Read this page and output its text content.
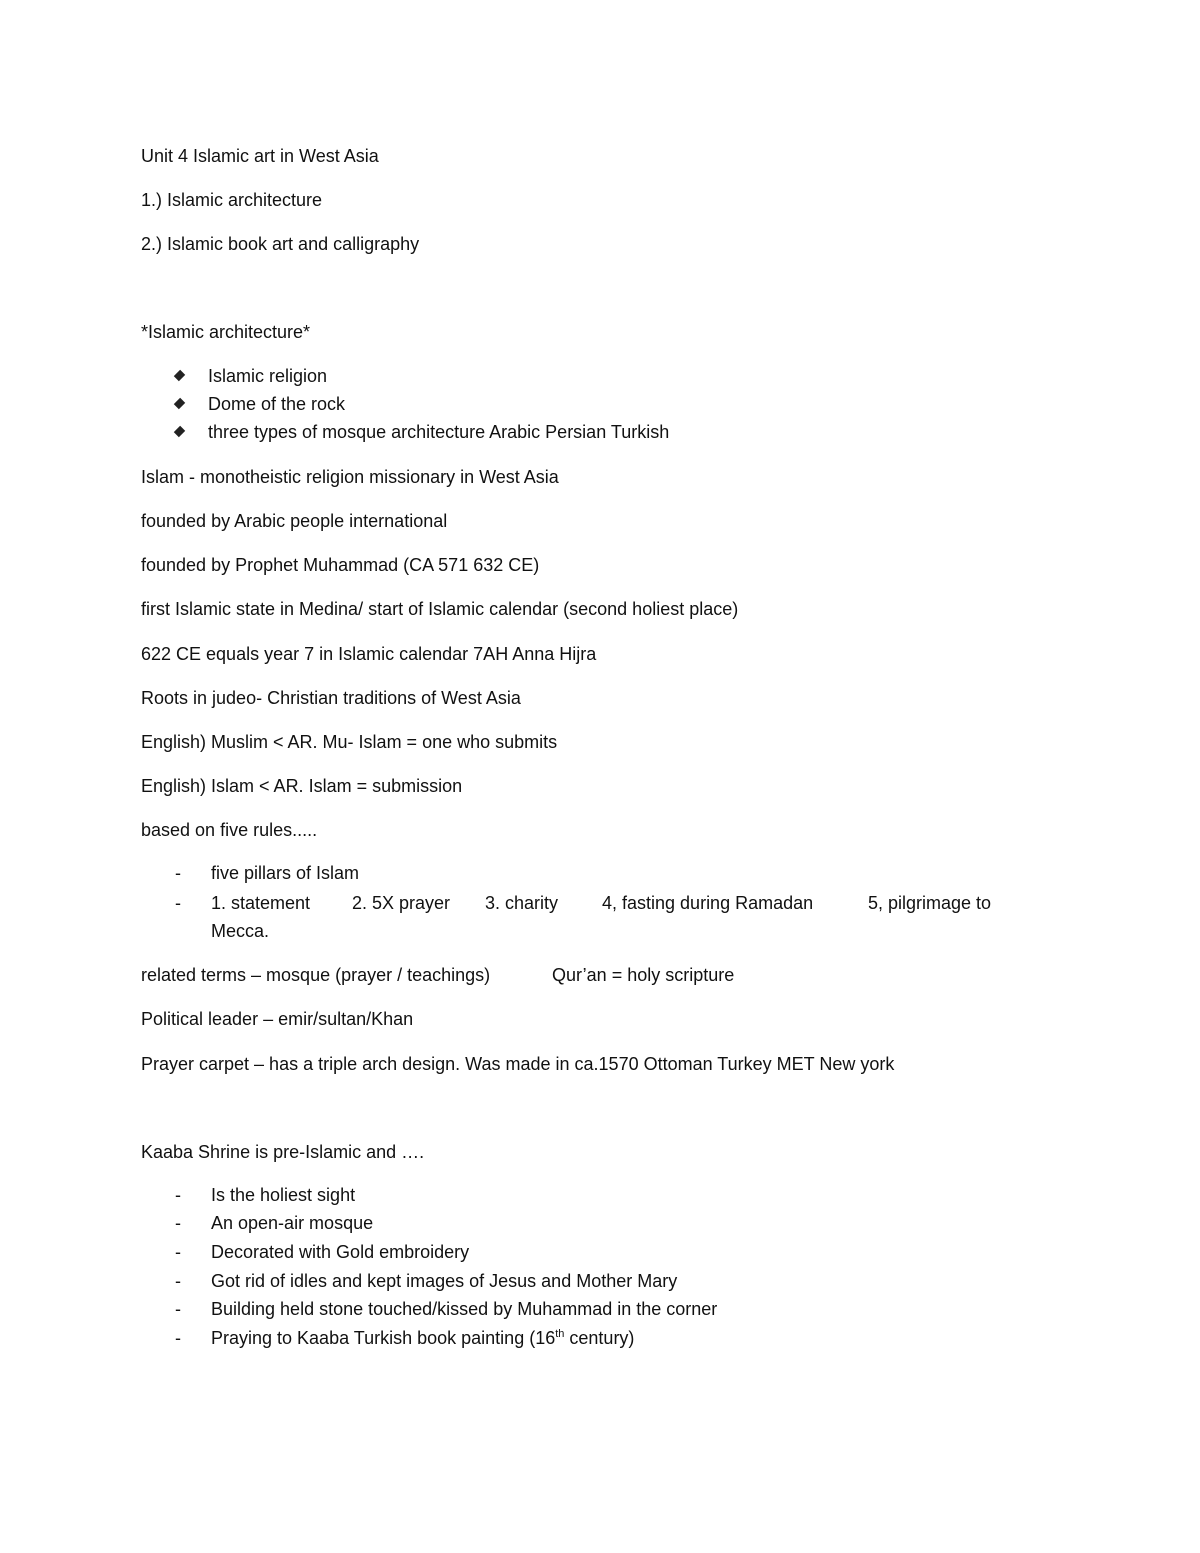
Unit 4 Islamic art in West Asia
1.) Islamic architecture
2.) Islamic book art and calligraphy
*Islamic architecture*
Islamic religion
Dome of the rock
three types of mosque architecture Arabic Persian Turkish
Islam - monotheistic religion missionary in West Asia
founded by Arabic people international
founded by Prophet Muhammad (CA 571 632 CE)
first Islamic state in Medina/ start of Islamic calendar (second holiest place)
622 CE equals year 7 in Islamic calendar 7AH Anna Hijra
Roots in judeo- Christian traditions of West Asia
English) Muslim < AR. Mu- Islam = one who submits
English) Islam < AR. Islam = submission
based on five rules.....
- five pillars of Islam
- 1. statement 2. 5X prayer 3. charity 4, fasting during Ramadan	5, pilgrimage to
Mecca.
related terms – mosque (prayer / teachings)	Qur’an = holy scripture
Political leader – emir/sultan/Khan
Prayer carpet – has a triple arch design. Was made in ca.1570 Ottoman Turkey MET New york
Kaaba Shrine is pre-Islamic and ….
- Is the holiest sight
- An open-air mosque
- Decorated with Gold embroidery
- Got rid of idles and kept images of Jesus and Mother Mary
- Building held stone touched/kissed by Muhammad in the corner
- Praying to Kaaba Turkish book painting (16th century)
